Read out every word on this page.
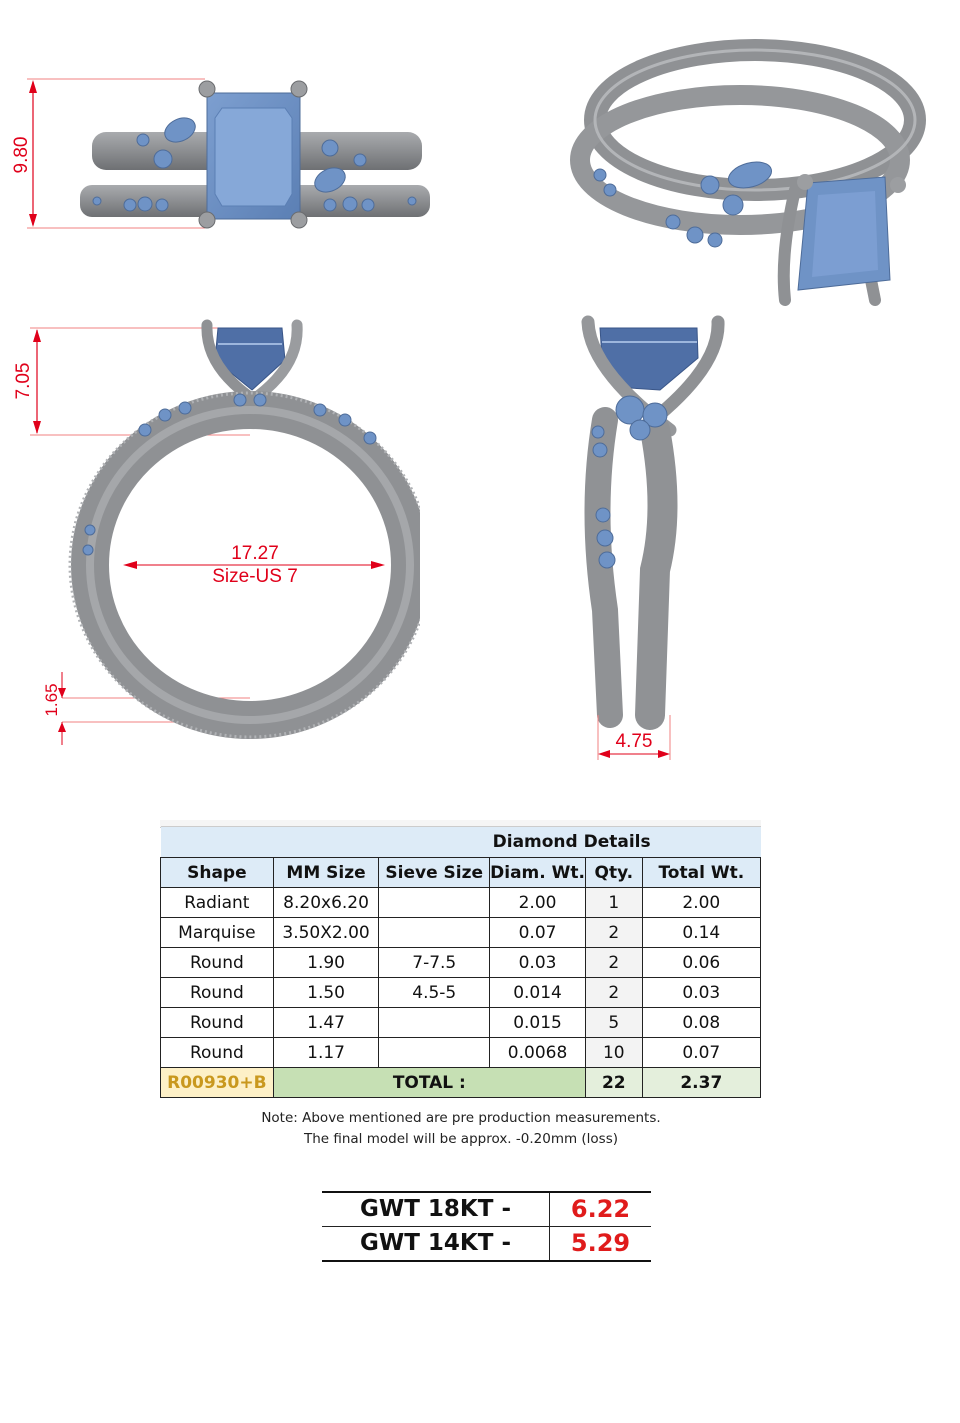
9.80
7.05
17.27
Size-US 7
1.65
4.75
			Diamond Details		
Shape	MM Size	Sieve Size	Diam. Wt.	Qty.	Total Wt.
Radiant	8.20x6.20		2.00	1	2.00
Marquise	3.50X2.00		0.07	2	0.14
Round	1.90	7-7.5	0.03	2	0.06
Round	1.50	4.5-5	0.014	2	0.03
Round	1.47		0.015	5	0.08
Round	1.17		0.0068	10	0.07
R00930+B	TOTAL :			22	2.37
Note: Above mentioned are pre production measurements.
The final model will be approx. -0.20mm (loss)
GWT 18KT -	6.22
GWT 14KT -	5.29
